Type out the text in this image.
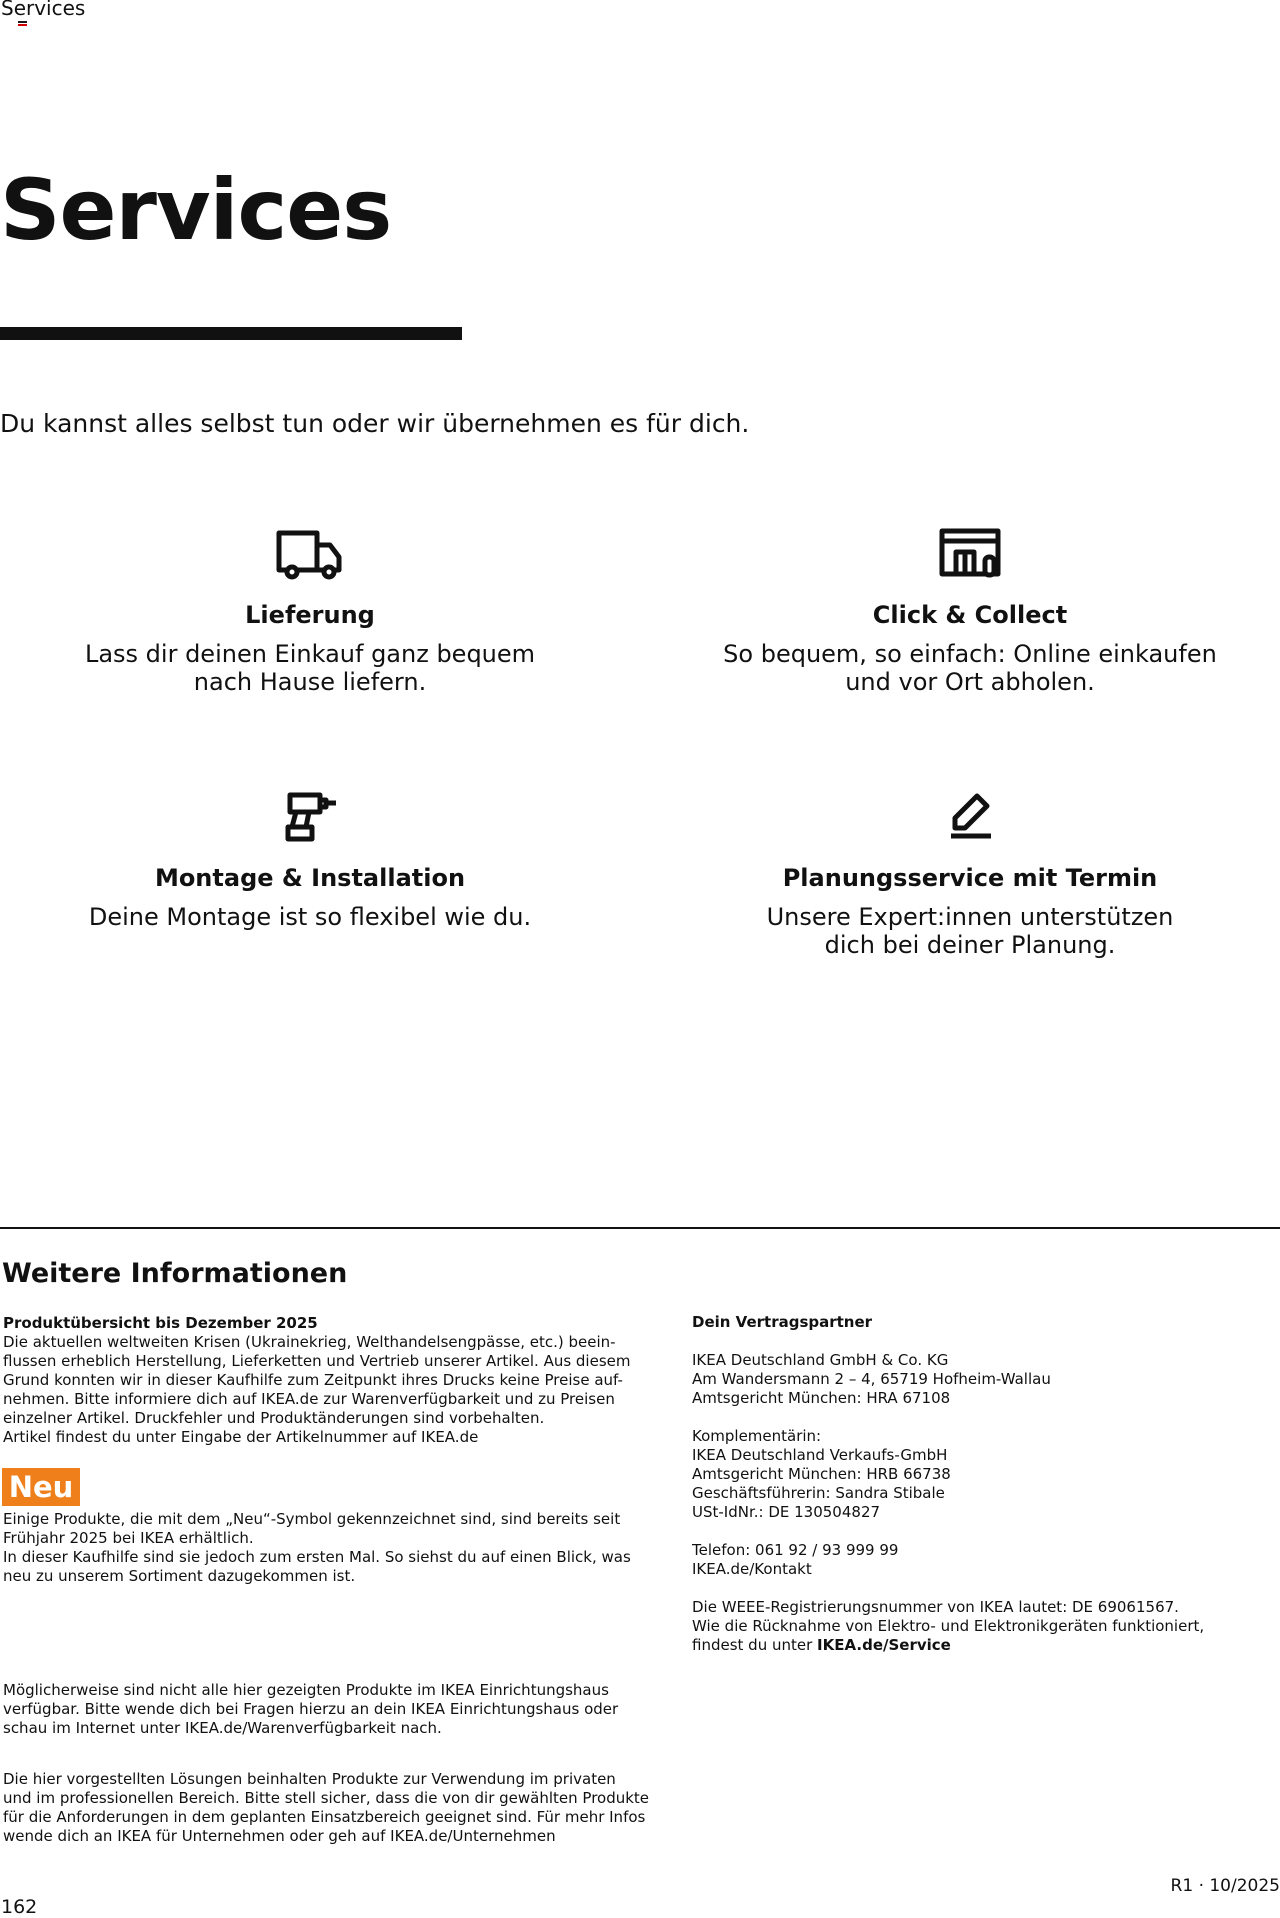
Services
Services
Du kannst alles selbst tun oder wir übernehmen es für dich.
Lieferung
Lass dir deinen Einkauf ganz bequem
nach Hause liefern.
Click & Collect
So bequem, so einfach: Online einkaufen
und vor Ort abholen.
Montage & Installation
Deine Montage ist so flexibel wie du.
Planungsservice mit Termin
Unsere Expert:innen unterstützen
dich bei deiner Planung.
Weitere Informationen
Produktübersicht bis Dezember 2025
Die aktuellen weltweiten Krisen (Ukrainekrieg, Welthandelsengpässe, etc.) beein-
flussen erheblich Herstellung, Lieferketten und Vertrieb unserer Artikel. Aus diesem
Grund konnten wir in dieser Kaufhilfe zum Zeitpunkt ihres Drucks keine Preise auf-
nehmen. Bitte informiere dich auf IKEA.de zur Warenverfügbarkeit und zu Preisen
einzelner Artikel. Druckfehler und Produktänderungen sind vorbehalten.
Artikel findest du unter Eingabe der Artikelnummer auf IKEA.de
Neu
Einige Produkte, die mit dem „Neu“-Symbol gekennzeichnet sind, sind bereits seit
Frühjahr 2025 bei IKEA erhältlich.
In dieser Kaufhilfe sind sie jedoch zum ersten Mal. So siehst du auf einen Blick, was
neu zu unserem Sortiment dazugekommen ist.
Möglicherweise sind nicht alle hier gezeigten Produkte im IKEA Einrichtungshaus
verfügbar. Bitte wende dich bei Fragen hierzu an dein IKEA Einrichtungshaus oder
schau im Internet unter IKEA.de/Warenverfügbarkeit nach.
Die hier vorgestellten Lösungen beinhalten Produkte zur Verwendung im privaten
und im professionellen Bereich. Bitte stell sicher, dass die von dir gewählten Produkte
für die Anforderungen in dem geplanten Einsatzbereich geeignet sind. Für mehr Infos
wende dich an IKEA für Unternehmen oder geh auf IKEA.de/Unternehmen
Dein Vertragspartner
IKEA Deutschland GmbH & Co. KG
Am Wandersmann 2 – 4, 65719 Hofheim-Wallau
Amtsgericht München: HRA 67108
Komplementärin:
IKEA Deutschland Verkaufs-GmbH
Amtsgericht München: HRB 66738
Geschäftsführerin: Sandra Stibale
USt-IdNr.: DE 130504827
Telefon: 061 92 / 93 999 99
IKEA.de/Kontakt
Die WEEE-Registrierungsnummer von IKEA lautet: DE 69061567.
Wie die Rücknahme von Elektro- und Elektronikgeräten funktioniert,
findest du unter IKEA.de/Service
162
R1 · 10/2025
